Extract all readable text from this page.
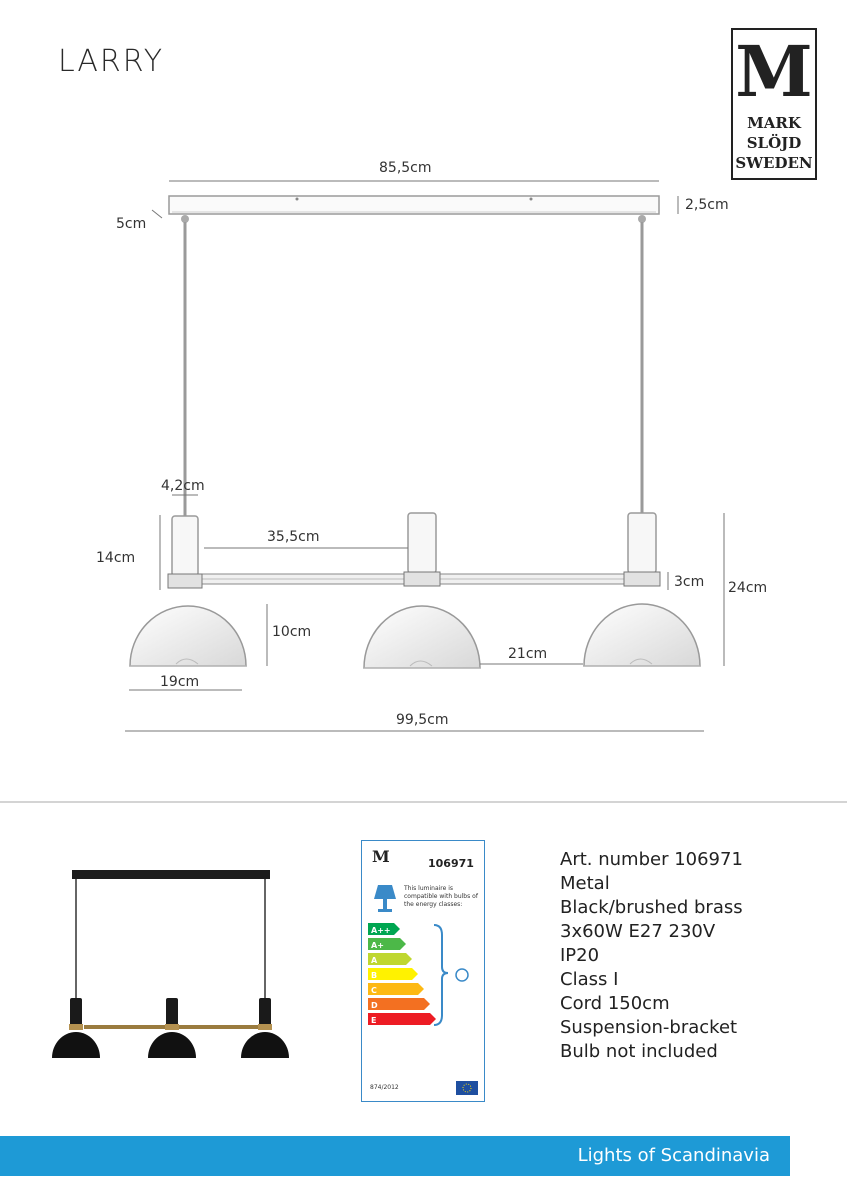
LARRY	M
MARK
SLÖJD
SWEDEN
85,5cm
2,5cm
5cm
4,2cm
14cm
35,5cm
3cm 24cm
10cm
21cm
19cm
99,5cm
M	106971
This luminaire is compatible with bulbs of the energy classes:
A++
A+
A
B
C
D
E
874/2012
Art. number 106971
Metal
Black/brushed brass
3x60W E27 230V
IP20
Class I
Cord 150cm
Suspension-bracket
Bulb not included
Lights of Scandinavia
